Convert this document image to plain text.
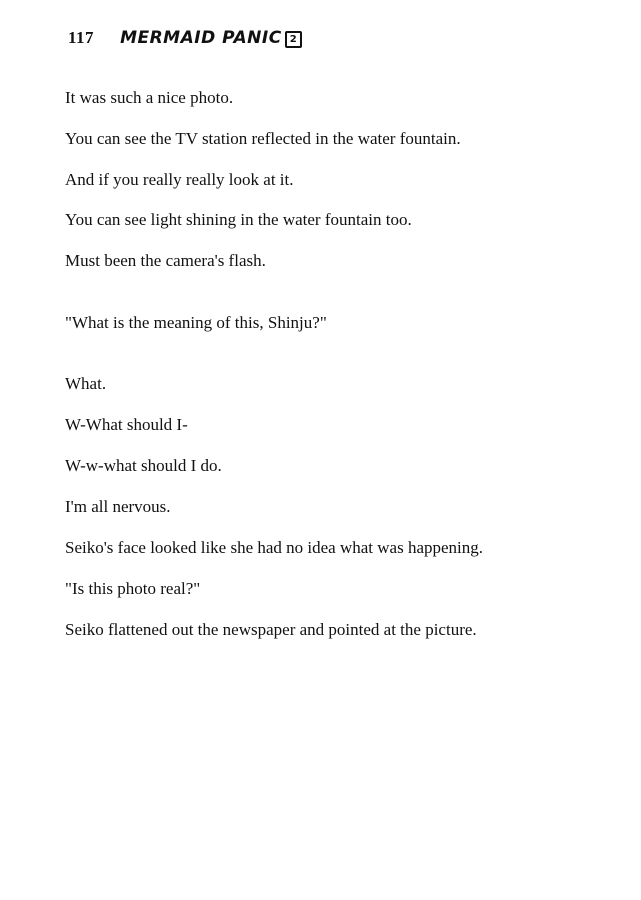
117 MERMAID PANIC 2

It was such a nice photo.

You can see the TV station reflected in the water fountain.

And if you really really look at it.

You can see light shining in the water fountain too.

Must been the camera's flash.

"What is the meaning of this, Shinju?"

What.

W-What should I-

W-w-what should I do.

I'm all nervous.

Seiko's face looked like she had no idea what was happening.

"Is this photo real?"

Seiko flattened out the newspaper and pointed at the picture.
